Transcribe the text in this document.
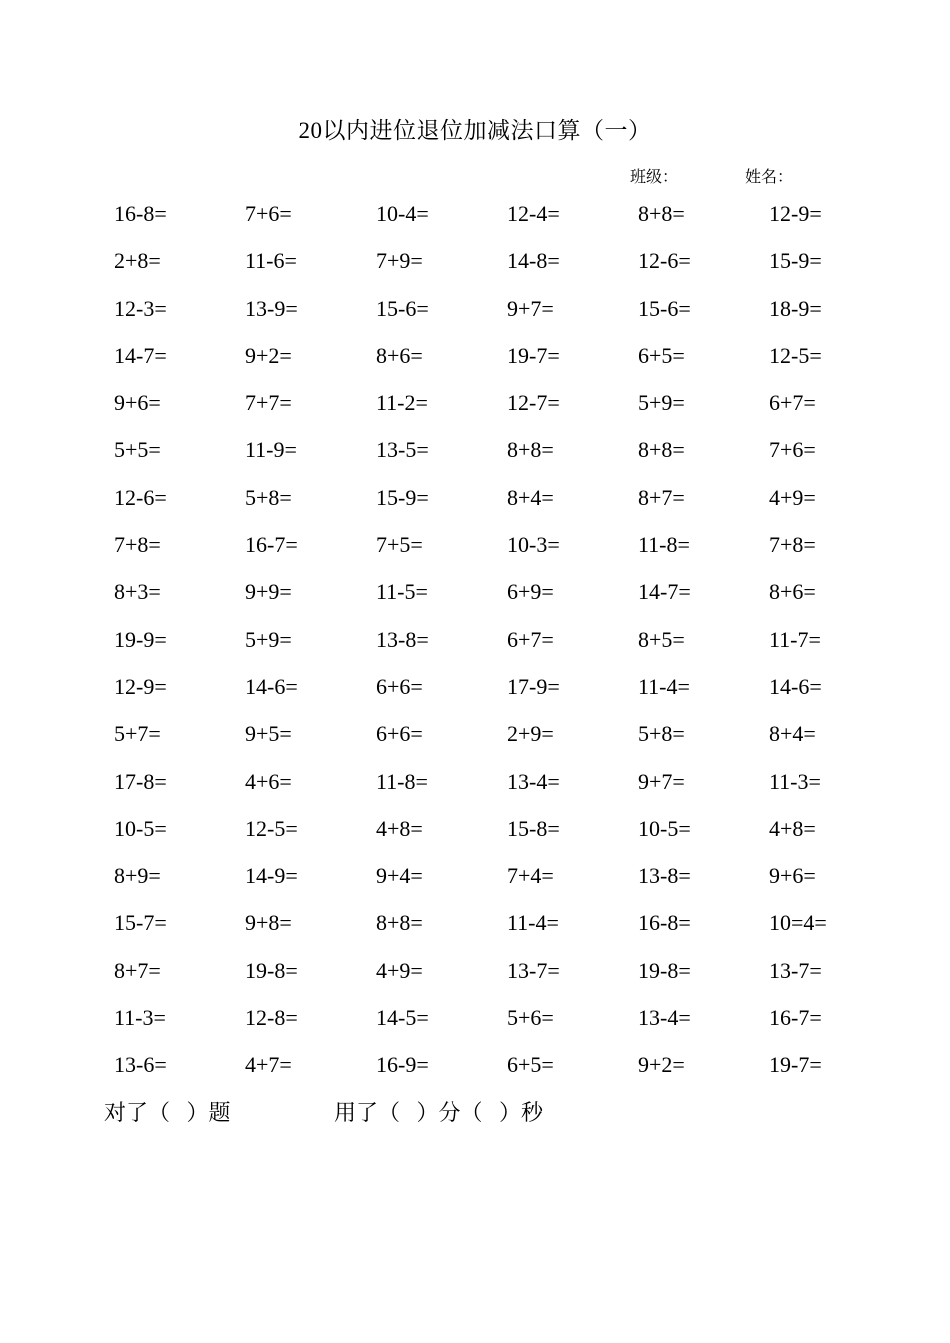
20以内进位退位加减法口算（一）
班级：	姓名：
16-8=	7+6=	10-4=	12-4=	8+8=	12-9=
2+8=	11-6=	7+9=	14-8=	12-6=	15-9=
12-3=	13-9=	15-6=	9+7=	15-6=	18-9=
14-7=	9+2=	8+6=	19-7=	6+5=	12-5=
9+6=	7+7=	11-2=	12-7=	5+9=	6+7=
5+5=	11-9=	13-5=	8+8=	8+8=	7+6=
12-6=	5+8=	15-9=	8+4=	8+7=	4+9=
7+8=	16-7=	7+5=	10-3=	11-8=	7+8=
8+3=	9+9=	11-5=	6+9=	14-7=	8+6=
19-9=	5+9=	13-8=	6+7=	8+5=	11-7=
12-9=	14-6=	6+6=	17-9=	11-4=	14-6=
5+7=	9+5=	6+6=	2+9=	5+8=	8+4=
17-8=	4+6=	11-8=	13-4=	9+7=	11-3=
10-5=	12-5=	4+8=	15-8=	10-5=	4+8=
8+9=	14-9=	9+4=	7+4=	13-8=	9+6=
15-7=	9+8=	8+8=	11-4=	16-8=	10=4=
8+7=	19-8=	4+9=	13-7=	19-8=	13-7=
11-3=	12-8=	14-5=	5+6=	13-4=	16-7=
13-6=	4+7=	16-9=	6+5=	9+2=	19-7=
对了（   ）题	用了（   ）分（   ）秒
